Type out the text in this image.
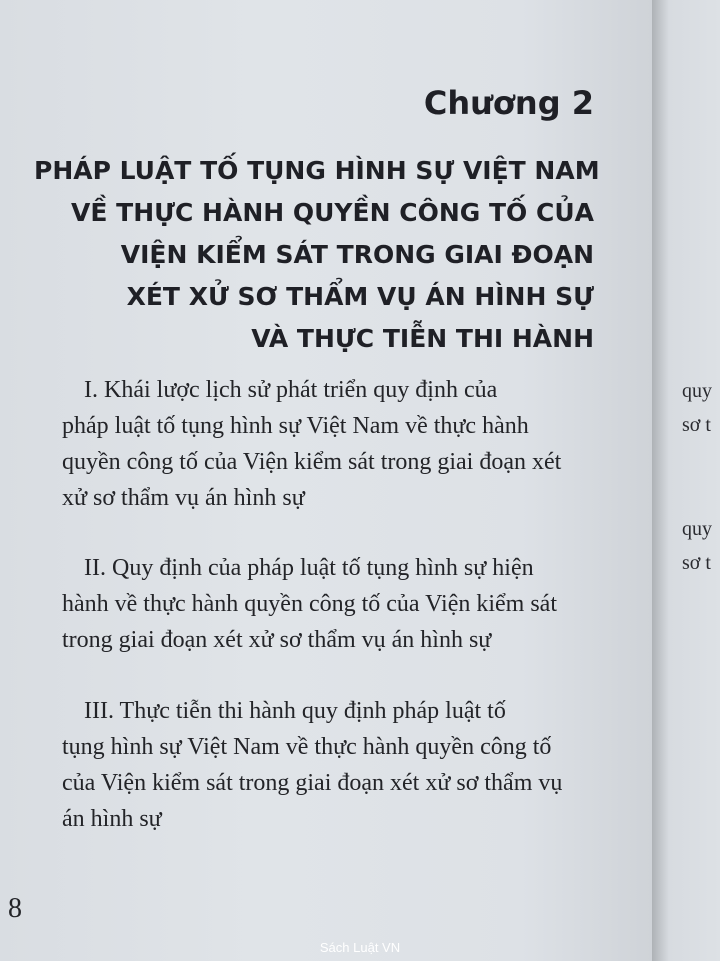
Chương 2
PHÁP LUẬT TỐ TỤNG HÌNH SỰ VIỆT NAM
VỀ THỰC HÀNH QUYỀN CÔNG TỐ CỦA
VIỆN KIỂM SÁT TRONG GIAI ĐOẠN
XÉT XỬ SƠ THẨM VỤ ÁN HÌNH SỰ
VÀ THỰC TIỄN THI HÀNH
I. Khái lược lịch sử phát triển quy định của
pháp luật tố tụng hình sự Việt Nam về thực hành
quyền công tố của Viện kiểm sát trong giai đoạn xét
xử sơ thẩm vụ án hình sự
II. Quy định của pháp luật tố tụng hình sự hiện
hành về thực hành quyền công tố của Viện kiểm sát
trong giai đoạn xét xử sơ thẩm vụ án hình sự
III. Thực tiễn thi hành quy định pháp luật tố
tụng hình sự Việt Nam về thực hành quyền công tố
của Viện kiểm sát trong giai đoạn xét xử sơ thẩm vụ
án hình sự
8
quy
sơ t
quy
sơ t
Sách Luật VN
